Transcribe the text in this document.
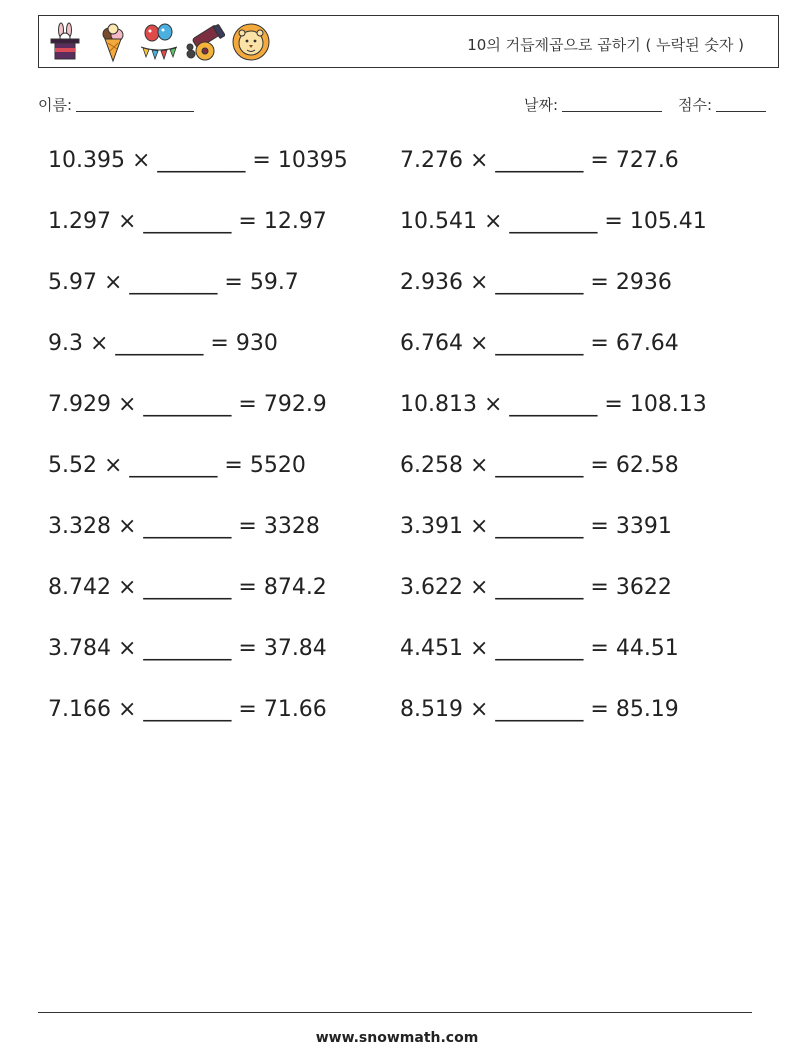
10의 거듭제곱으로 곱하기 ( 누락된 숫자 )
이름:	날짜:	점수:
10.395 × ________ = 10395 7.276 × ________ = 727.6
1.297 × ________ = 12.97	10.541 × ________ = 105.41
5.97 × ________ = 59.7	2.936 × ________ = 2936
9.3 × ________ = 930	6.764 × ________ = 67.64
7.929 × ________ = 792.9	10.813 × ________ = 108.13
5.52 × ________ = 5520	6.258 × ________ = 62.58
3.328 × ________ = 3328	3.391 × ________ = 3391
8.742 × ________ = 874.2	3.622 × ________ = 3622
3.784 × ________ = 37.84	4.451 × ________ = 44.51
7.166 × ________ = 71.66	8.519 × ________ = 85.19
www.snowmath.com
